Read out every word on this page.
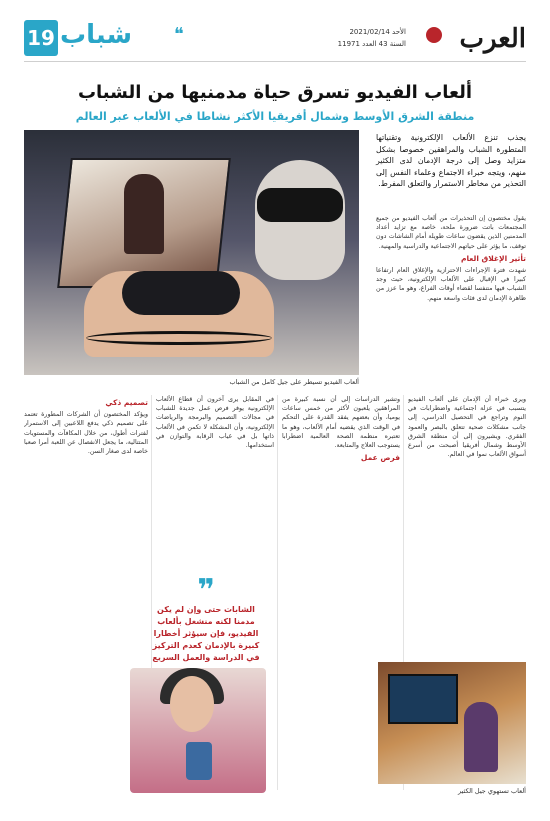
العرب
الأحد 2021/02/14
السنة 43 العدد 11971
❝
شباب
19
ألعاب الفيديو تسرق حياة مدمنيها من الشباب
منطقة الشرق الأوسط وشمال أفريقيا الأكثر نشاطا في الألعاب عبر العالم

يجذب تنزع الألعاب الإلكترونية وتقنياتها المتطورة الشباب والمراهقين خصوصا بشكل متزايد وصل إلى درجة الإدمان لدى الكثير منهم، ويتجه خبراء الاجتماع وعلماء النفس إلى التحذير من مخاطر الاستمرار والتعلق المفرط.

يقول مختصون إن التحذيرات من ألعاب الفيديو من جميع المجتمعات باتت ضرورة ملحة، خاصة مع تزايد أعداد المدمنين الذين يقضون ساعات طويلة أمام الشاشات دون توقف، ما يؤثر على حياتهم الاجتماعية والدراسية والمهنية.

تأثير الإغلاق العام

شهدت فترة الإجراءات الاحترازية والإغلاق العام ارتفاعا كبيرا في الإقبال على الألعاب الإلكترونية، حيث وجد الشباب فيها متنفسا لقضاء أوقات الفراغ، وهو ما عزز من ظاهرة الإدمان لدى فئات واسعة منهم.

ألعاب الفيديو تسيطر على جيل كامل من الشباب

ويرى خبراء أن الإدمان على ألعاب الفيديو يتسبب في عزلة اجتماعية واضطرابات في النوم وتراجع في التحصيل الدراسي، إلى جانب مشكلات صحية تتعلق بالبصر والعمود الفقري. ويشيرون إلى أن منطقة الشرق الأوسط وشمال أفريقيا أصبحت من أسرع أسواق الألعاب نموا في العالم.

وتشير الدراسات إلى أن نسبة كبيرة من المراهقين يلعبون لأكثر من خمس ساعات يوميا، وأن بعضهم يفقد القدرة على التحكم في الوقت الذي يقضيه أمام الألعاب، وهو ما تعتبره منظمة الصحة العالمية اضطرابا يستوجب العلاج والمتابعة.

فرص عمل

في المقابل يرى آخرون أن قطاع الألعاب الإلكترونية يوفر فرص عمل جديدة للشباب في مجالات التصميم والبرمجة والرياضات الإلكترونية، وأن المشكلة لا تكمن في الألعاب ذاتها بل في غياب الرقابة والتوازن في استخدامها.

تصميم ذكي

ويؤكد المختصون أن الشركات المطورة تعتمد على تصميم ذكي يدفع اللاعبين إلى الاستمرار لفترات أطول، من خلال المكافآت والمستويات المتتالية، ما يجعل الانفصال عن اللعبة أمرا صعبا خاصة لدى صغار السن.

❞
الشابات حتى وإن لم يكن مدمنا لكنه منشغل بألعاب الفيديو، فإن سيؤثر أخطارا كبيرة بالإدمان كعدم التركيز في الدراسة والعمل السريع

ألعاب تستهوي جيل الكثير
